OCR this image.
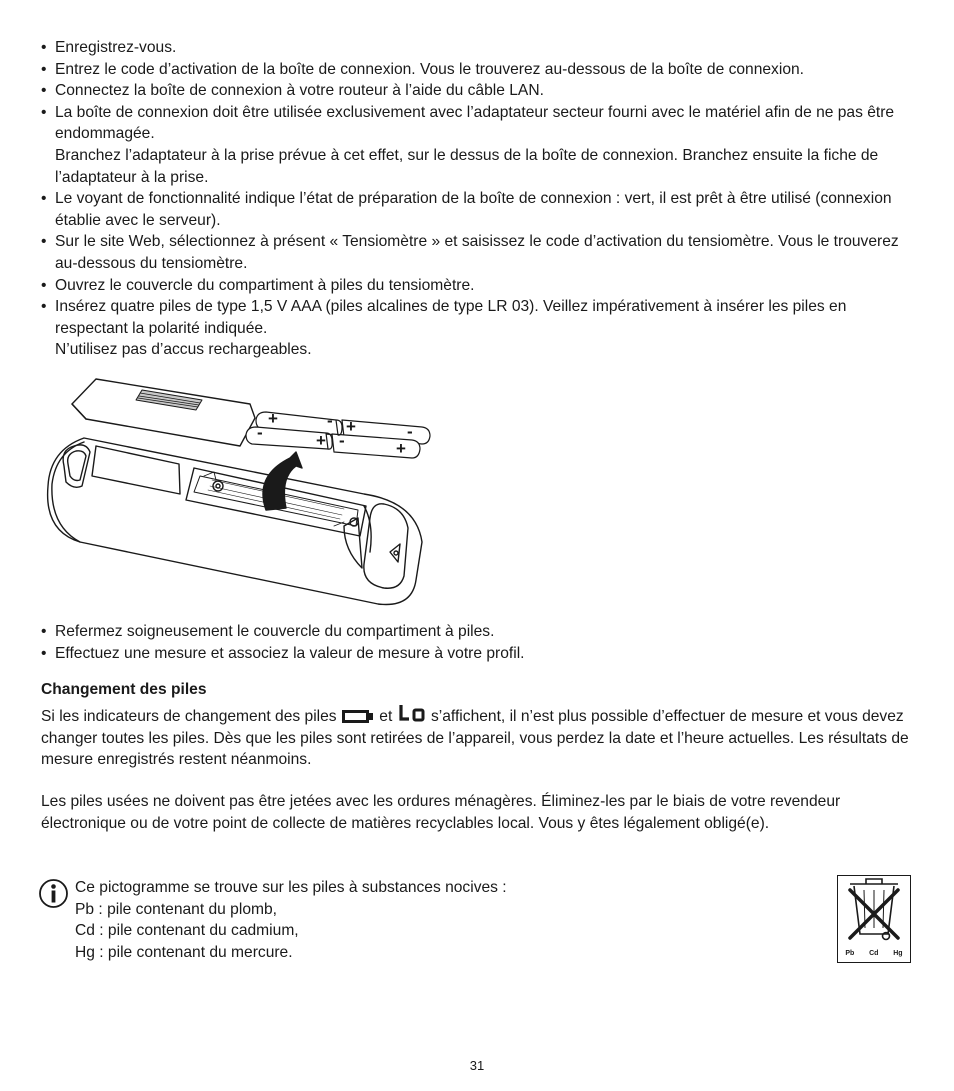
• Enregistrez-vous.
• Entrez le code d’activation de la boîte de connexion. Vous le trouverez au-dessous de la boîte de connexion.
• Connectez la boîte de connexion à votre routeur à l’aide du câble LAN.
• La boîte de connexion doit être utilisée exclusivement avec l’adaptateur secteur fourni avec le matériel afin de ne pas être endommagée.
Branchez l’adaptateur à la prise prévue à cet effet, sur le dessus de la boîte de connexion. Branchez ensuite la fiche de l’adaptateur à la prise.
• Le voyant de fonctionnalité indique l’état de préparation de la boîte de connexion : vert, il est prêt à être utilisé (connexion établie avec le serveur).
• Sur le site Web, sélectionnez à présent « Tensiomètre » et saisissez le code d’activation du tensiomètre. Vous le trouverez au-dessous du tensiomètre.
• Ouvrez le couvercle du compartiment à piles du tensiomètre.
• Insérez quatre piles de type 1,5 V AAA (piles alcalines de type LR 03). Veillez impérativement à insérer les piles en respectant la polarité indiquée.
N’utilisez pas d’accus rechargeables.
+	- +	-
-	+ -	+
• Refermez soigneusement le couvercle du compartiment à piles.
• Effectuez une mesure et associez la valeur de mesure à votre profil.
Changement des piles

Si les indicateurs de changement des piles	et s’affichent, il n’est plus possible d’effectuer de mesure et vous devez changer toutes les piles. Dès que les piles sont retirées de l’appareil, vous perdez la date et l’heure actuelles. Les résultats de mesure enregistrés restent néanmoins.

Les piles usées ne doivent pas être jetées avec les ordures ménagères. Éliminez-les par le biais de votre revendeur électronique ou de votre point de collecte de matières recyclables local. Vous y êtes légalement obligé(e).

Ce pictogramme se trouve sur les piles à substances nocives :
Pb : pile contenant du plomb,
Cd : pile contenant du cadmium,
Hg : pile contenant du mercure.	Pb Cd Hg
31
